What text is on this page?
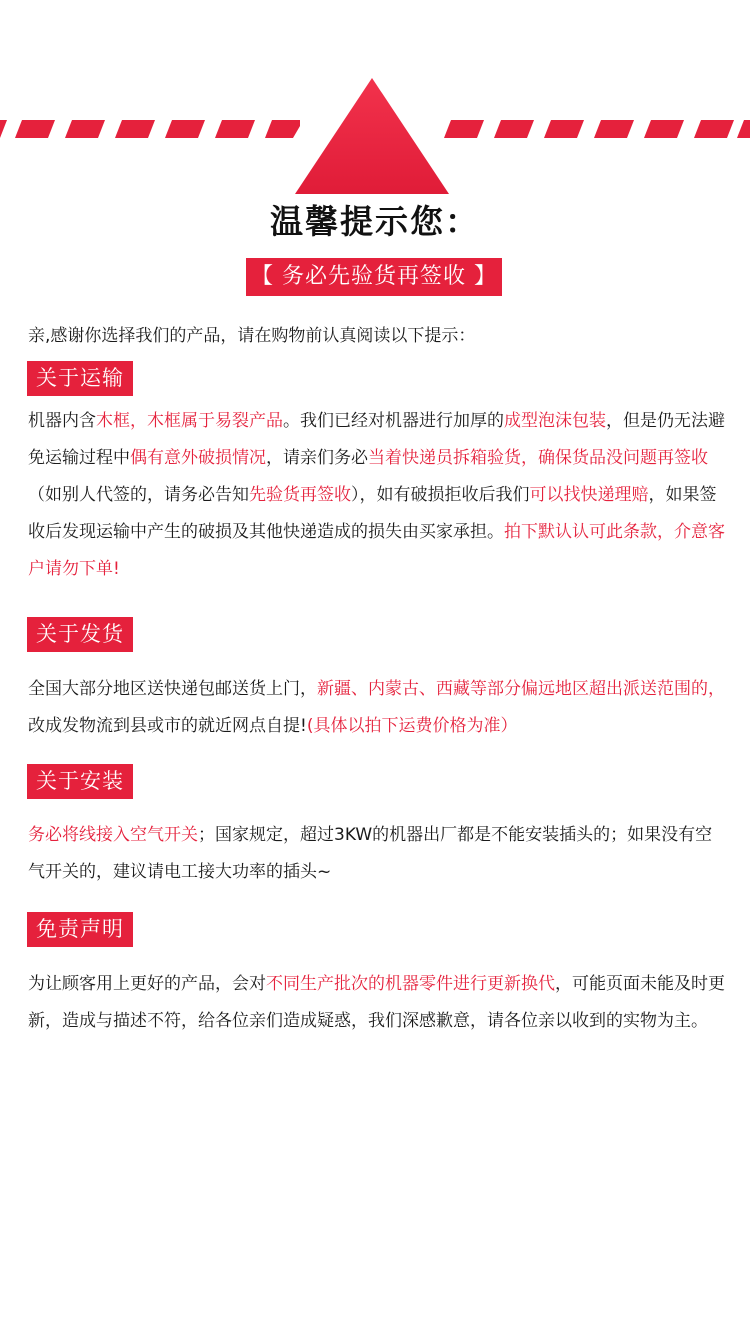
温馨提示您：
【 务必先验货再签收 】
亲,感谢你选择我们的产品，请在购物前认真阅读以下提示：
关于运输
机器内含木框，木框属于易裂产品。我们已经对机器进行加厚的成型泡沫包装，但是仍无法避免运输过程中偶有意外破损情况，请亲们务必当着快递员拆箱验货，确保货品没问题再签收（如别人代签的，请务必告知先验货再签收），如有破损拒收后我们可以找快递理赔，如果签收后发现运输中产生的破损及其他快递造成的损失由买家承担。拍下默认认可此条款，介意客户请勿下单!
关于发货
全国大部分地区送快递包邮送货上门，新疆、内蒙古、西藏等部分偏远地区超出派送范围的，改成发物流到县或市的就近网点自提!(具体以拍下运费价格为准）
关于安装
务必将线接入空气开关；国家规定，超过3KW的机器出厂都是不能安装插头的；如果没有空气开关的，建议请电工接大功率的插头~
免责声明
为让顾客用上更好的产品，会对不同生产批次的机器零件进行更新换代，可能页面未能及时更新，造成与描述不符，给各位亲们造成疑惑，我们深感歉意，请各位亲以收到的实物为主。
